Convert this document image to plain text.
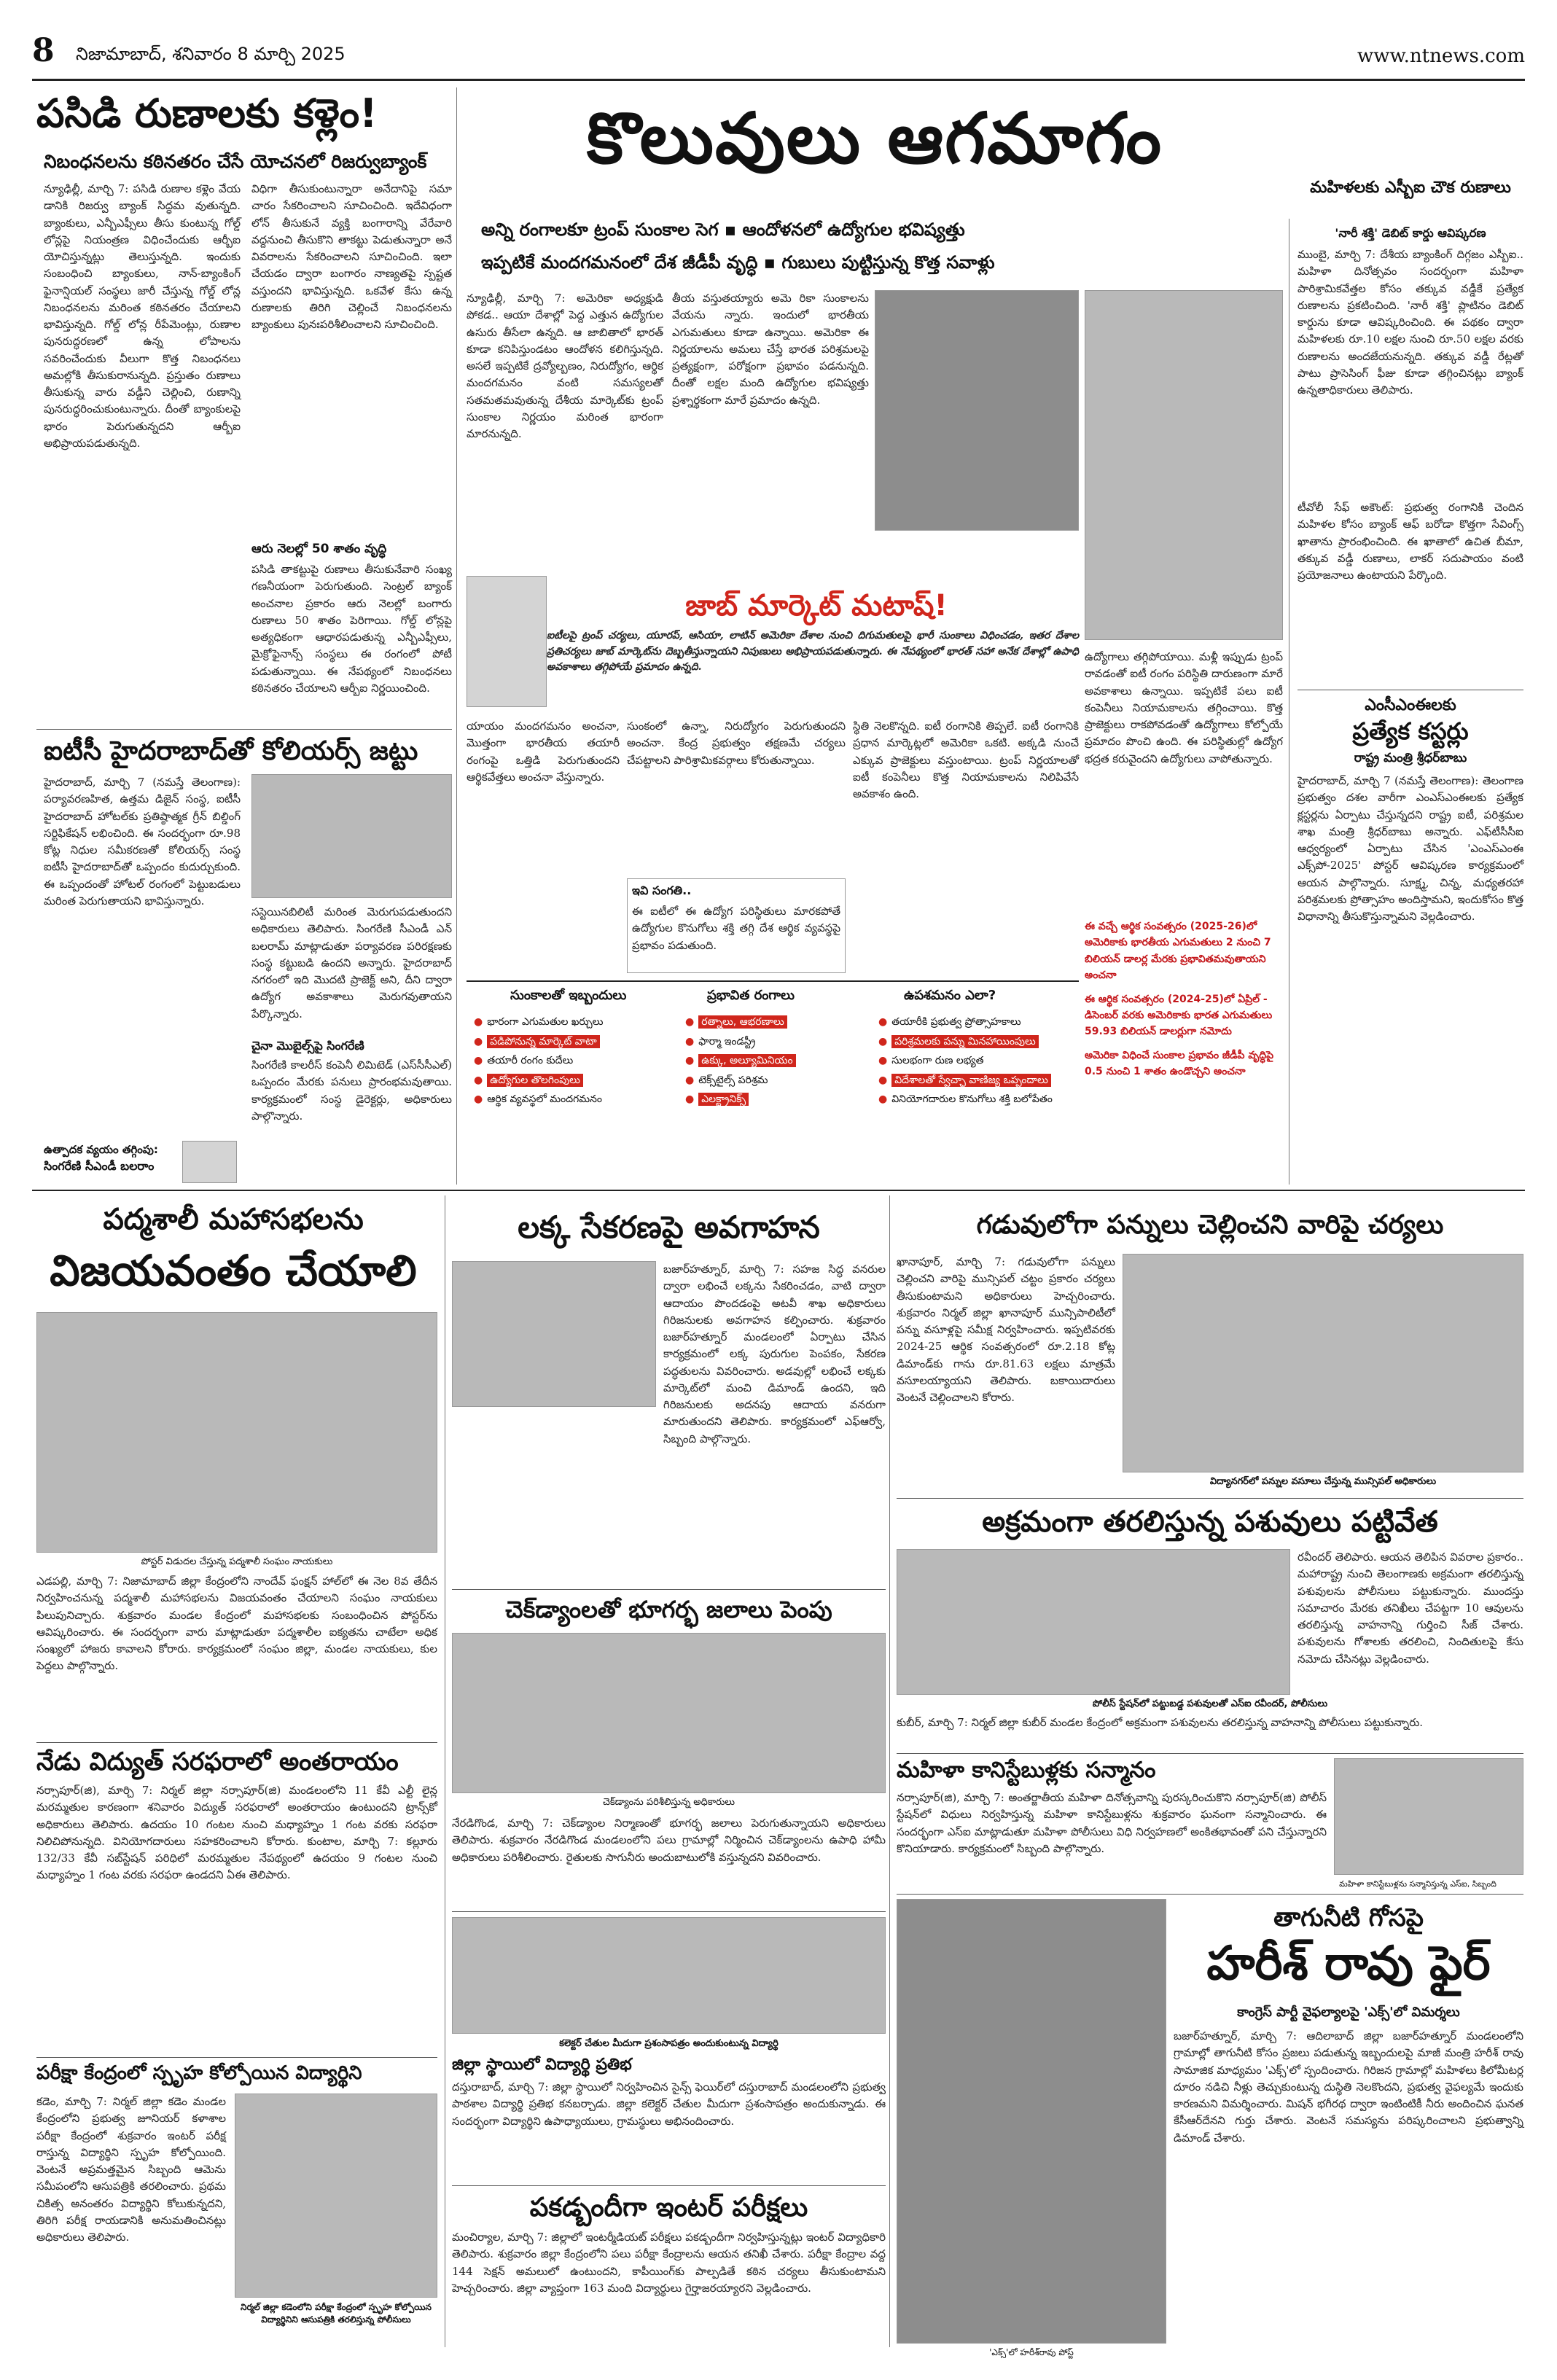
8 నిజామాబాద్, శనివారం 8 మార్చి 2025	www.ntnews.com
పసిడి రుణాలకు కళ్లెం!
నిబంధనలను కఠినతరం చేసే యోచనలో రిజర్వుబ్యాంక్
న్యూఢిల్లీ, మార్చి 7: పసిడి రుణాల కళ్లెం వేయ డానికి రిజర్వు బ్యాంక్ సిద్ధమ వుతున్నది. బ్యాంకులు, ఎన్బీఎఫ్సీలు తీసు కుంటున్న గోల్డ్ లోన్లపై నియంత్రణ విధించేందుకు ఆర్బీఐ యోచిస్తున్నట్లు తెలుస్తున్నది. ఇందుకు సంబంధించి బ్యాంకులు, నాన్-బ్యాంకింగ్ ఫైనాన్షియల్ సంస్థలు జారీ చేస్తున్న గోల్డ్ లోన్ల నిబంధనలను మరింత కఠినతరం చేయాలని భావిస్తున్నది. గోల్డ్ లోన్ల రీపేమెంట్లు, రుణాల పునరుద్ధరణలో ఉన్న లోపాలను సవరించేందుకు వీలుగా కొత్త నిబంధనలు అమల్లోకి తీసుకురానున్నది. ప్రస్తుతం రుణాలు తీసుకున్న వారు వడ్డీని చెల్లించి, రుణాన్ని పునరుద్ధరించుకుంటున్నారు. దీంతో బ్యాంకులపై భారం పెరుగుతున్నదని ఆర్బీఐ అభిప్రాయపడుతున్నది.
విధిగా తీసుకుంటున్నారా అనేదానిపై సమా చారం సేకరించాలని సూచించింది. ఇదేవిధంగా లోన్ తీసుకునే వ్యక్తి బంగారాన్ని వేరేవారి వద్దనుంచి తీసుకొని తాకట్టు పెడుతున్నారా అనే వివరాలను సేకరించాలని సూచించింది. ఇలా చేయడం ద్వారా బంగారం నాణ్యతపై స్పష్టత వస్తుందని భావిస్తున్నది. ఒకవేళ కేసు ఉన్న రుణాలకు తిరిగి చెల్లించే నిబంధనలను బ్యాంకులు పునఃపరిశీలించాలని సూచించింది.
ఆరు నెలల్లో 50 శాతం వృద్ధి
పసిడి తాకట్టుపై రుణాలు తీసుకునేవారి సంఖ్య గణనీయంగా పెరుగుతుంది. సెంట్రల్ బ్యాంక్ అంచనాల ప్రకారం ఆరు నెలల్లో బంగారు రుణాలు 50 శాతం పెరిగాయి. గోల్డ్ లోన్లపై అత్యధికంగా ఆధారపడుతున్న ఎన్బీఎఫ్సీలు, మైక్రోఫైనాన్స్ సంస్థలు ఈ రంగంలో పోటీ పడుతున్నాయి. ఈ నేపథ్యంలో నిబంధనలు కఠినతరం చేయాలని ఆర్బీఐ నిర్ణయించింది.
ఐటీసీ హైదరాబాద్‌తో కోలియర్స్ జట్టు
హైదరాబాద్, మార్చి 7 (నమస్తే తెలంగాణ): పర్యావరణహిత, ఉత్తమ డిజైన్ సంస్థ, ఐటీసీ హైదరాబాద్ హోటల్‌కు ప్రతిష్ఠాత్మక గ్రీన్ బిల్డింగ్ సర్టిఫికేషన్ లభించింది. ఈ సందర్భంగా రూ.98 కోట్ల నిధుల సమీకరణతో కోలియర్స్ సంస్థ ఐటీసీ హైదరాబాద్‌తో ఒప్పందం కుదుర్చుకుంది. ఈ ఒప్పందంతో హోటల్ రంగంలో పెట్టుబడులు మరింత పెరుగుతాయని భావిస్తున్నారు.
సస్టెయినబిలిటీ మరింత మెరుగుపడుతుందని అధికారులు తెలిపారు. సింగరేణి సీఎండీ ఎన్ బలరామ్ మాట్లాడుతూ పర్యావరణ పరిరక్షణకు సంస్థ కట్టుబడి ఉందని అన్నారు. హైదరాబాద్ నగరంలో ఇది మొదటి ప్రాజెక్ట్ అని, దీని ద్వారా ఉద్యోగ అవకాశాలు మెరుగవుతాయని పేర్కొన్నారు.
చైనా మొబైల్స్‌పై సింగరేణి
సింగరేణి కాలరీస్ కంపెనీ లిమిటెడ్ (ఎస్‌సీసీఎల్) ఒప్పందం మేరకు పనులు ప్రారంభమవుతాయి. కార్యక్రమంలో సంస్థ డైరెక్టర్లు, అధికారులు పాల్గొన్నారు.
ఉత్పాదక వ్యయం తగ్గింపు:
సింగరేణి సీఎండీ బలరాం
కొలువులు ఆగమాగం
అన్ని రంగాలకూ ట్రంప్ సుంకాల సెగ ▪ ఆందోళనలో ఉద్యోగుల భవిష్యత్తు
ఇప్పటికే మందగమనంలో దేశ జీడీపీ వృద్ధి ▪ గుబులు పుట్టిస్తున్న కొత్త సవాళ్లు
న్యూఢిల్లీ, మార్చి 7: అమెరికా అధ్యక్షుడి పోకడ.. ఆయా దేశాల్లో పెద్ద ఎత్తున ఉద్యోగుల ఉసురు తీసేలా ఉన్నది. ఆ జాబితాలో భారత్ కూడా కనిపిస్తుండటం ఆందోళన కలిగిస్తున్నది. అసలే ఇప్పటికే ద్రవ్యోల్బణం, నిరుద్యోగం, ఆర్థిక మందగమనం వంటి సమస్యలతో సతమతమవుతున్న దేశీయ మార్కెట్‌కు ట్రంప్ సుంకాల నిర్ణయం మరింత భారంగా మారనున్నది.
తీయ వస్తుతయ్యారు అమె రికా సుంకాలను వేయను న్నారు. ఇందులో భారతీయ ఎగుమతులు కూడా ఉన్నాయి. అమెరికా ఈ నిర్ణయాలను అమలు చేస్తే భారత పరిశ్రమలపై ప్రత్యక్షంగా, పరోక్షంగా ప్రభావం పడనున్నది. దీంతో లక్షల మంది ఉద్యోగుల భవిష్యత్తు ప్రశ్నార్థకంగా మారే ప్రమాదం ఉన్నది.
ఉద్యోగాలు తగ్గిపోయాయి. మళ్లీ ఇప్పుడు ట్రంప్ రావడంతో ఐటీ రంగం పరిస్థితి దారుణంగా మారే అవకాశాలు ఉన్నాయి. ఇప్పటికే పలు ఐటీ కంపెనీలు నియామకాలను తగ్గించాయి. కొత్త ప్రాజెక్టులు రాకపోవడంతో ఉద్యోగాలు కోల్పోయే ప్రమాదం పొంచి ఉంది. ఈ పరిస్థితుల్లో ఉద్యోగ భద్రత కరువైందని ఉద్యోగులు వాపోతున్నారు.
జాబ్ మార్కెట్ మటాష్!
ఐటీలపై ట్రంప్ చర్యలు, యూరప్, ఆసియా, లాటిన్ అమెరికా దేశాల నుంచి దిగుమతులపై భారీ సుంకాలు విధించడం, ఇతర దేశాల ప్రతిచర్యలు జాబ్ మార్కెట్‌ను దెబ్బతీస్తున్నాయని నిపుణులు అభిప్రాయపడుతున్నారు. ఈ నేపథ్యంలో భారత్ సహా అనేక దేశాల్లో ఉపాధి అవకాశాలు తగ్గిపోయే ప్రమాదం ఉన్నది.
యాయం మందగమనం అంచనా, మొత్తంగా భారతీయ తయారీ రంగంపై ఒత్తిడి పెరుగుతుందని ఆర్థికవేత్తలు అంచనా వేస్తున్నారు.
సుంకంలో ఉన్నా, నిరుద్యోగం పెరుగుతుందని అంచనా. కేంద్ర ప్రభుత్వం తక్షణమే చర్యలు చేపట్టాలని పారిశ్రామికవర్గాలు కోరుతున్నాయి.
స్థితి నెలకొన్నది. ఐటీ రంగానికి తిప్పలే. ఐటీ రంగానికి ప్రధాన మార్కెట్లలో అమెరికా ఒకటి. అక్కడి నుంచే ఎక్కువ ప్రాజెక్టులు వస్తుంటాయి. ట్రంప్ నిర్ణయాలతో ఐటీ కంపెనీలు కొత్త నియామకాలను నిలిపివేసే అవకాశం ఉంది.
ఇవి సంగతి..
ఈ ఐటీలో ఈ ఉద్యోగ పరిస్థితులు మారకపోతే ఉద్యోగుల కొనుగోలు శక్తి తగ్గి దేశ ఆర్థిక వ్యవస్థపై ప్రభావం పడుతుంది.
ఈ వచ్చే ఆర్థిక సంవత్సరం (2025-26)లో అమెరికాకు భారతీయ ఎగుమతులు 2 నుంచి 7 బిలియన్ డాలర్ల మేరకు ప్రభావితమవుతాయని అంచనా
ఈ ఆర్థిక సంవత్సరం (2024-25)లో ఏప్రిల్ - డిసెంబర్ వరకు అమెరికాకు భారత ఎగుమతులు 59.93 బిలియన్ డాలర్లుగా నమోదు
అమెరికా విధించే సుంకాల ప్రభావం జీడీపీ వృద్ధిపై 0.5 నుంచి 1 శాతం ఉండొచ్చని అంచనా
సుంకాలతో ఇబ్బందులు	ప్రభావిత రంగాలు	ఉపశమనం ఎలా?
● భారంగా ఎగుమతుల ఖర్చులు
● పడిపోనున్న మార్కెట్ వాటా
● తయారీ రంగం కుదేలు
● ఉద్యోగుల తొలగింపులు
● ఆర్థిక వ్యవస్థలో మందగమనం
● రత్నాలు, ఆభరణాలు
● ఫార్మా ఇండస్ట్రీ
● ఉక్కు, అల్యూమినియం
● టెక్స్‌టైల్స్ పరిశ్రమ
● ఎలక్ట్రానిక్స్
● తయారీకి ప్రభుత్వ ప్రోత్సాహకాలు
● పరిశ్రమలకు పన్ను మినహాయింపులు
● సులభంగా రుణ లభ్యత
● విదేశాలతో స్వేచ్ఛా వాణిజ్య ఒప్పందాలు
● వినియోగదారుల కొనుగోలు శక్తి బలోపేతం
మహిళలకు ఎస్బీఐ చౌక రుణాలు
'నారీ శక్తి' డెబిట్ కార్డు ఆవిష్కరణ
ముంబై, మార్చి 7: దేశీయ బ్యాంకింగ్ దిగ్గజం ఎస్బీఐ.. మహిళా దినోత్సవం సందర్భంగా మహిళా పారిశ్రామికవేత్తల కోసం తక్కువ వడ్డీకే ప్రత్యేక రుణాలను ప్రకటించింది. 'నారీ శక్తి' ప్లాటినం డెబిట్ కార్డును కూడా ఆవిష్కరించింది. ఈ పథకం ద్వారా మహిళలకు రూ.10 లక్షల నుంచి రూ.50 లక్షల వరకు రుణాలను అందజేయనున్నది. తక్కువ వడ్డీ రేట్లతో పాటు ప్రాసెసింగ్ ఫీజు కూడా తగ్గించినట్లు బ్యాంక్ ఉన్నతాధికారులు తెలిపారు.
టీవోలీ సేఫ్ అకౌంట్: ప్రభుత్వ రంగానికి చెందిన మహిళల కోసం బ్యాంక్ ఆఫ్ బరోడా కొత్తగా సేవింగ్స్ ఖాతాను ప్రారంభించింది. ఈ ఖాతాలో ఉచిత బీమా, తక్కువ వడ్డీ రుణాలు, లాకర్ సదుపాయం వంటి ప్రయోజనాలు ఉంటాయని పేర్కొంది.
ఎంసీఎంఈలకు
ప్రత్యేక కస్టర్లు
రాష్ట్ర మంత్రి శ్రీధర్‌బాబు
హైదరాబాద్, మార్చి 7 (నమస్తే తెలంగాణ): తెలంగాణ ప్రభుత్వం దశల వారీగా ఎంఎస్ఎంఈలకు ప్రత్యేక క్లస్టర్లను ఏర్పాటు చేస్తున్నదని రాష్ట్ర ఐటీ, పరిశ్రమల శాఖ మంత్రి శ్రీధర్‌బాబు అన్నారు. ఎఫ్‌టీసీసీఐ ఆధ్వర్యంలో ఏర్పాటు చేసిన 'ఎంఎస్ఎంఈ ఎక్స్‌పో-2025' పోస్టర్ ఆవిష్కరణ కార్యక్రమంలో ఆయన పాల్గొన్నారు. సూక్ష్మ, చిన్న, మధ్యతరహా పరిశ్రమలకు ప్రోత్సాహం అందిస్తామని, ఇందుకోసం కొత్త విధానాన్ని తీసుకొస్తున్నామని వెల్లడించారు.
పద్మశాలీ మహాసభలను
విజయవంతం చేయాలి
పోస్టర్‌ విడుదల చేస్తున్న పద్మశాలీ సంఘం నాయకులు
ఎడపల్లి, మార్చి 7: నిజామాబాద్ జిల్లా కేంద్రంలోని నాందేవ్ ఫంక్షన్ హాల్‌లో ఈ నెల 8వ తేదీన నిర్వహించనున్న పద్మశాలీ మహాసభలను విజయవంతం చేయాలని సంఘం నాయకులు పిలుపునిచ్చారు. శుక్రవారం మండల కేంద్రంలో మహాసభలకు సంబంధించిన పోస్టర్‌ను ఆవిష్కరించారు. ఈ సందర్భంగా వారు మాట్లాడుతూ పద్మశాలీల ఐక్యతను చాటేలా అధిక సంఖ్యలో హాజరు కావాలని కోరారు. కార్యక్రమంలో సంఘం జిల్లా, మండల నాయకులు, కుల పెద్దలు పాల్గొన్నారు.
నేడు విద్యుత్ సరఫరాలో అంతరాయం
నర్సాపూర్(జి), మార్చి 7: నిర్మల్ జిల్లా నర్సాపూర్(జి) మండలంలోని 11 కేవీ ఎల్టీ లైన్ల మరమ్మతుల కారణంగా శనివారం విద్యుత్ సరఫరాలో అంతరాయం ఉంటుందని ట్రాన్స్‌కో అధికారులు తెలిపారు. ఉదయం 10 గంటల నుంచి మధ్యాహ్నం 1 గంట వరకు సరఫరా నిలిచిపోనున్నది. వినియోగదారులు సహకరించాలని కోరారు. కుంటాల, మార్చి 7: కల్లూరు 132/33 కేవీ సబ్‌స్టేషన్ పరిధిలో మరమ్మతుల నేపథ్యంలో ఉదయం 9 గంటల నుంచి మధ్యాహ్నం 1 గంట వరకు సరఫరా ఉండదని ఏఈ తెలిపారు.
పరీక్షా కేంద్రంలో స్పృహ కోల్పోయిన విద్యార్థిని
కడెం, మార్చి 7: నిర్మల్ జిల్లా కడెం మండల కేంద్రంలోని ప్రభుత్వ జూనియర్ కళాశాల పరీక్షా కేంద్రంలో శుక్రవారం ఇంటర్ పరీక్ష రాస్తున్న విద్యార్థిని స్పృహ కోల్పోయింది. వెంటనే అప్రమత్తమైన సిబ్బంది ఆమెను సమీపంలోని ఆసుపత్రికి తరలించారు. ప్రథమ చికిత్స అనంతరం విద్యార్థిని కోలుకున్నదని, తిరిగి పరీక్ష రాయడానికి అనుమతించినట్లు అధికారులు తెలిపారు.
నిర్మల్ జిల్లా కడెంలోని పరీక్షా కేంద్రంలో స్పృహ కోల్పోయిన విద్యార్థినిని ఆసుపత్రికి తరలిస్తున్న పోలీసులు
లక్క సేకరణపై అవగాహన
బజార్‌హత్నూర్, మార్చి 7: సహజ సిద్ధ వనరుల ద్వారా లభించే లక్కను సేకరించడం, వాటి ద్వారా ఆదాయం పొందడంపై అటవీ శాఖ అధికారులు గిరిజనులకు అవగాహన కల్పించారు. శుక్రవారం బజార్‌హత్నూర్ మండలంలో ఏర్పాటు చేసిన కార్యక్రమంలో లక్క పురుగుల పెంపకం, సేకరణ పద్ధతులను వివరించారు. అడవుల్లో లభించే లక్కకు మార్కెట్‌లో మంచి డిమాండ్ ఉందని, ఇది గిరిజనులకు అదనపు ఆదాయ వనరుగా మారుతుందని తెలిపారు. కార్యక్రమంలో ఎఫ్‌ఆర్వో, సిబ్బంది పాల్గొన్నారు.
చెక్‌డ్యాంలతో భూగర్భ జలాలు పెంపు
చెక్‌డ్యాంను పరిశీలిస్తున్న అధికారులు
నేరడిగొండ, మార్చి 7: చెక్‌డ్యాంల నిర్మాణంతో భూగర్భ జలాలు పెరుగుతున్నాయని అధికారులు తెలిపారు. శుక్రవారం నేరడిగొండ మండలంలోని పలు గ్రామాల్లో నిర్మించిన చెక్‌డ్యాంలను ఉపాధి హామీ అధికారులు పరిశీలించారు. రైతులకు సాగునీరు అందుబాటులోకి వస్తున్నదని వివరించారు.
కలెక్టర్ చేతుల మీదుగా ప్రశంసాపత్రం అందుకుంటున్న విద్యార్థి
జిల్లా స్థాయిలో విద్యార్థి ప్రతిభ
దస్తురాబాద్, మార్చి 7: జిల్లా స్థాయిలో నిర్వహించిన సైన్స్ ఫెయిర్‌లో దస్తురాబాద్ మండలంలోని ప్రభుత్వ పాఠశాల విద్యార్థి ప్రతిభ కనబర్చాడు. జిల్లా కలెక్టర్ చేతుల మీదుగా ప్రశంసాపత్రం అందుకున్నాడు. ఈ సందర్భంగా విద్యార్థిని ఉపాధ్యాయులు, గ్రామస్థులు అభినందించారు.
పకడ్బందీగా ఇంటర్ పరీక్షలు
మంచిర్యాల, మార్చి 7: జిల్లాలో ఇంటర్మీడియట్ పరీక్షలు పకడ్బందీగా నిర్వహిస్తున్నట్లు ఇంటర్ విద్యాధికారి తెలిపారు. శుక్రవారం జిల్లా కేంద్రంలోని పలు పరీక్షా కేంద్రాలను ఆయన తనిఖీ చేశారు. పరీక్షా కేంద్రాల వద్ద 144 సెక్షన్ అమలులో ఉంటుందని, కాపీయింగ్‌కు పాల్పడితే కఠిన చర్యలు తీసుకుంటామని హెచ్చరించారు. జిల్లా వ్యాప్తంగా 163 మంది విద్యార్థులు గైర్హాజరయ్యారని వెల్లడించారు.
గడువులోగా పన్నులు చెల్లించని వారిపై చర్యలు
ఖానాపూర్, మార్చి 7: గడువులోగా పన్నులు చెల్లించని వారిపై మున్సిపల్ చట్టం ప్రకారం చర్యలు తీసుకుంటామని అధికారులు హెచ్చరించారు. శుక్రవారం నిర్మల్ జిల్లా ఖానాపూర్ మున్సిపాలిటీలో పన్ను వసూళ్లపై సమీక్ష నిర్వహించారు. ఇప్పటివరకు 2024-25 ఆర్థిక సంవత్సరంలో రూ.2.18 కోట్ల డిమాండ్‌కు గాను రూ.81.63 లక్షలు మాత్రమే వసూలయ్యాయని తెలిపారు. బకాయిదారులు వెంటనే చెల్లించాలని కోరారు.
విద్యానగర్‌లో పన్నుల వసూలు చేస్తున్న మున్సిపల్ అధికారులు
అక్రమంగా తరలిస్తున్న పశువులు పట్టివేత
రవీందర్ తెలిపారు. ఆయన తెలిపిన వివరాల ప్రకారం.. మహారాష్ట్ర నుంచి తెలంగాణకు అక్రమంగా తరలిస్తున్న పశువులను పోలీసులు పట్టుకున్నారు. ముందస్తు సమాచారం మేరకు తనిఖీలు చేపట్టగా 10 ఆవులను తరలిస్తున్న వాహనాన్ని గుర్తించి సీజ్ చేశారు. పశువులను గోశాలకు తరలించి, నిందితులపై కేసు నమోదు చేసినట్లు వెల్లడించారు.
పోలీస్ స్టేషన్‌లో పట్టుబడ్డ పశువులతో ఎస్‌ఐ రవీందర్, పోలీసులు
కుబీర్, మార్చి 7: నిర్మల్ జిల్లా కుబీర్ మండల కేంద్రంలో అక్రమంగా పశువులను తరలిస్తున్న వాహనాన్ని పోలీసులు పట్టుకున్నారు.
మహిళా కానిస్టేబుళ్లకు సన్మానం
నర్సాపూర్(జి), మార్చి 7: అంతర్జాతీయ మహిళా దినోత్సవాన్ని పురస్కరించుకొని నర్సాపూర్(జి) పోలీస్ స్టేషన్‌లో విధులు నిర్వహిస్తున్న మహిళా కానిస్టేబుళ్లను శుక్రవారం ఘనంగా సన్మానించారు. ఈ సందర్భంగా ఎస్‌ఐ మాట్లాడుతూ మహిళా పోలీసులు విధి నిర్వహణలో అంకితభావంతో పని చేస్తున్నారని కొనియాడారు. కార్యక్రమంలో సిబ్బంది పాల్గొన్నారు.
మహిళా కానిస్టేబుళ్లను సన్మానిస్తున్న ఎస్‌ఐ, సిబ్బంది
'ఎక్స్'లో హరీశ్‌రావు పోస్ట్
తాగునీటి గోసపై
హరీశ్ రావు ఫైర్
కాంగ్రెస్ పార్టీ వైఫల్యాలపై 'ఎక్స్'లో విమర్శలు
బజార్‌హత్నూర్, మార్చి 7: ఆదిలాబాద్ జిల్లా బజార్‌హత్నూర్ మండలంలోని గ్రామాల్లో తాగునీటి కోసం ప్రజలు పడుతున్న ఇబ్బందులపై మాజీ మంత్రి హరీశ్ రావు సామాజిక మాధ్యమం 'ఎక్స్'లో స్పందించారు. గిరిజన గ్రామాల్లో మహిళలు కిలోమీటర్ల దూరం నడిచి నీళ్లు తెచ్చుకుంటున్న దుస్థితి నెలకొందని, ప్రభుత్వ వైఫల్యమే ఇందుకు కారణమని విమర్శించారు. మిషన్ భగీరథ ద్వారా ఇంటింటికీ నీరు అందించిన ఘనత కేసీఆర్‌దేనని గుర్తు చేశారు. వెంటనే సమస్యను పరిష్కరించాలని ప్రభుత్వాన్ని డిమాండ్ చేశారు.
